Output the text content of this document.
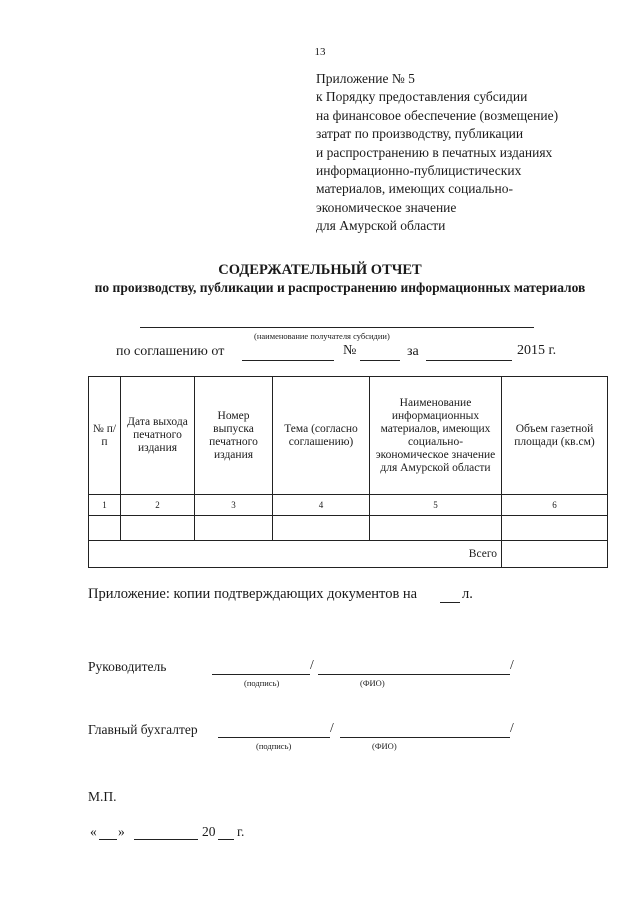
13
Приложение № 5
к Порядку предоставления субсидии
на финансовое обеспечение (возмещение)
затрат по производству, публикации
и распространению в печатных изданиях
информационно-публицистических
материалов, имеющих социально-
экономическое значение
для Амурской области
СОДЕРЖАТЕЛЬНЫЙ ОТЧЕТ
по производству, публикации и распространению информационных материалов
(наименование получателя субсидии)
по соглашению от	№	за	2015 г.
№ п/п	Дата выхода печатного издания	Номер выпуска печатного издания	Тема (согласно соглашению)	Наименование информационных материалов, имеющих социально-экономическое значение для Амурской области	Объем газетной площади (кв.см)
1	2	3	4	5	6

Всего					
Приложение: копии подтверждающих документов на	л.
Руководитель	/	/
(подпись)	(ФИО)
Главный бухгалтер	/	/
(подпись)	(ФИО)
М.П.
« »	20 г.
